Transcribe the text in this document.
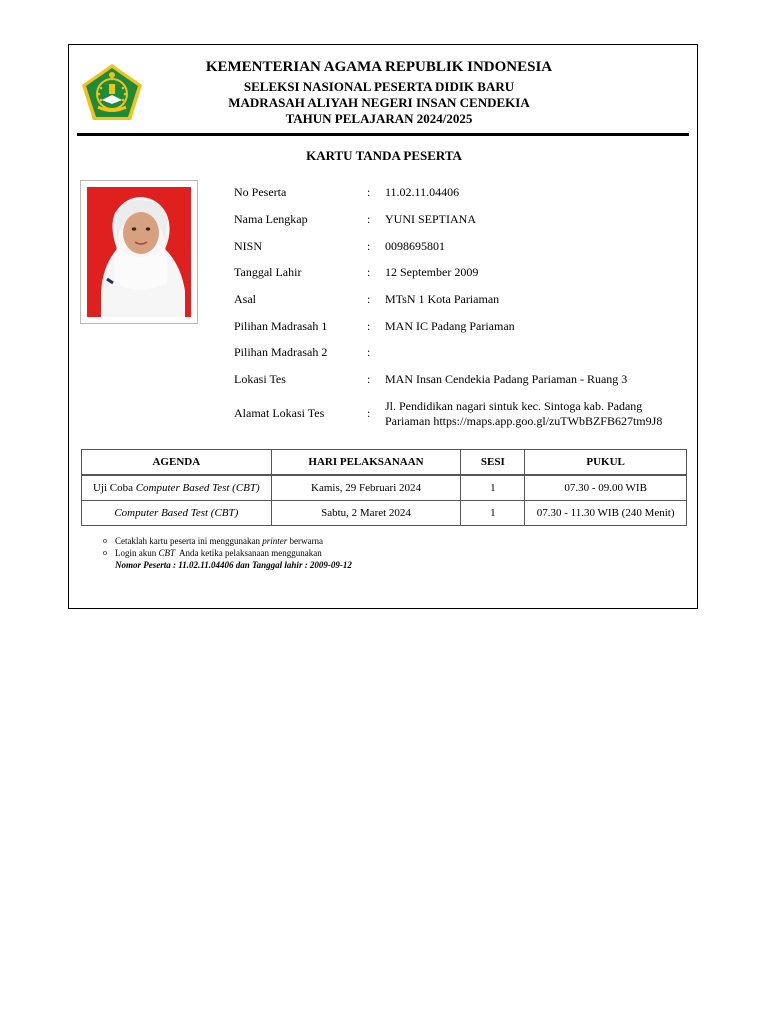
KEMENTERIAN AGAMA REPUBLIK INDONESIA
SELEKSI NASIONAL PESERTA DIDIK BARU
MADRASAH ALIYAH NEGERI INSAN CENDEKIA
TAHUN PELAJARAN 2024/2025
KARTU TANDA PESERTA
No Peserta	: 11.02.11.04406
Nama Lengkap	: YUNI SEPTIANA
NISN	: 0098695801
Tanggal Lahir	: 12 September 2009
Asal	: MTsN 1 Kota Pariaman
Pilihan Madrasah 1	: MAN IC Padang Pariaman
Pilihan Madrasah 2	:
Lokasi Tes	: MAN Insan Cendekia Padang Pariaman - Ruang 3
Alamat Lokasi Tes	: Jl. Pendidikan nagari sintuk kec. Sintoga kab. Padang Pariaman https://maps.app.goo.gl/zuTWbBZFB627tm9J8
AGENDA	HARI PELAKSANAAN	SESI	PUKUL
Uji Coba Computer Based Test (CBT)	Kamis, 29 Februari 2024	1	07.30 - 09.00 WIB
Computer Based Test (CBT)	Sabtu, 2 Maret 2024	1	07.30 - 11.30 WIB (240 Menit)
o Cetaklah kartu peserta ini menggunakan printer berwarna
o Login akun CBT  Anda ketika pelaksanaan menggunakan
Nomor Peserta : 11.02.11.04406 dan Tanggal lahir : 2009-09-12
